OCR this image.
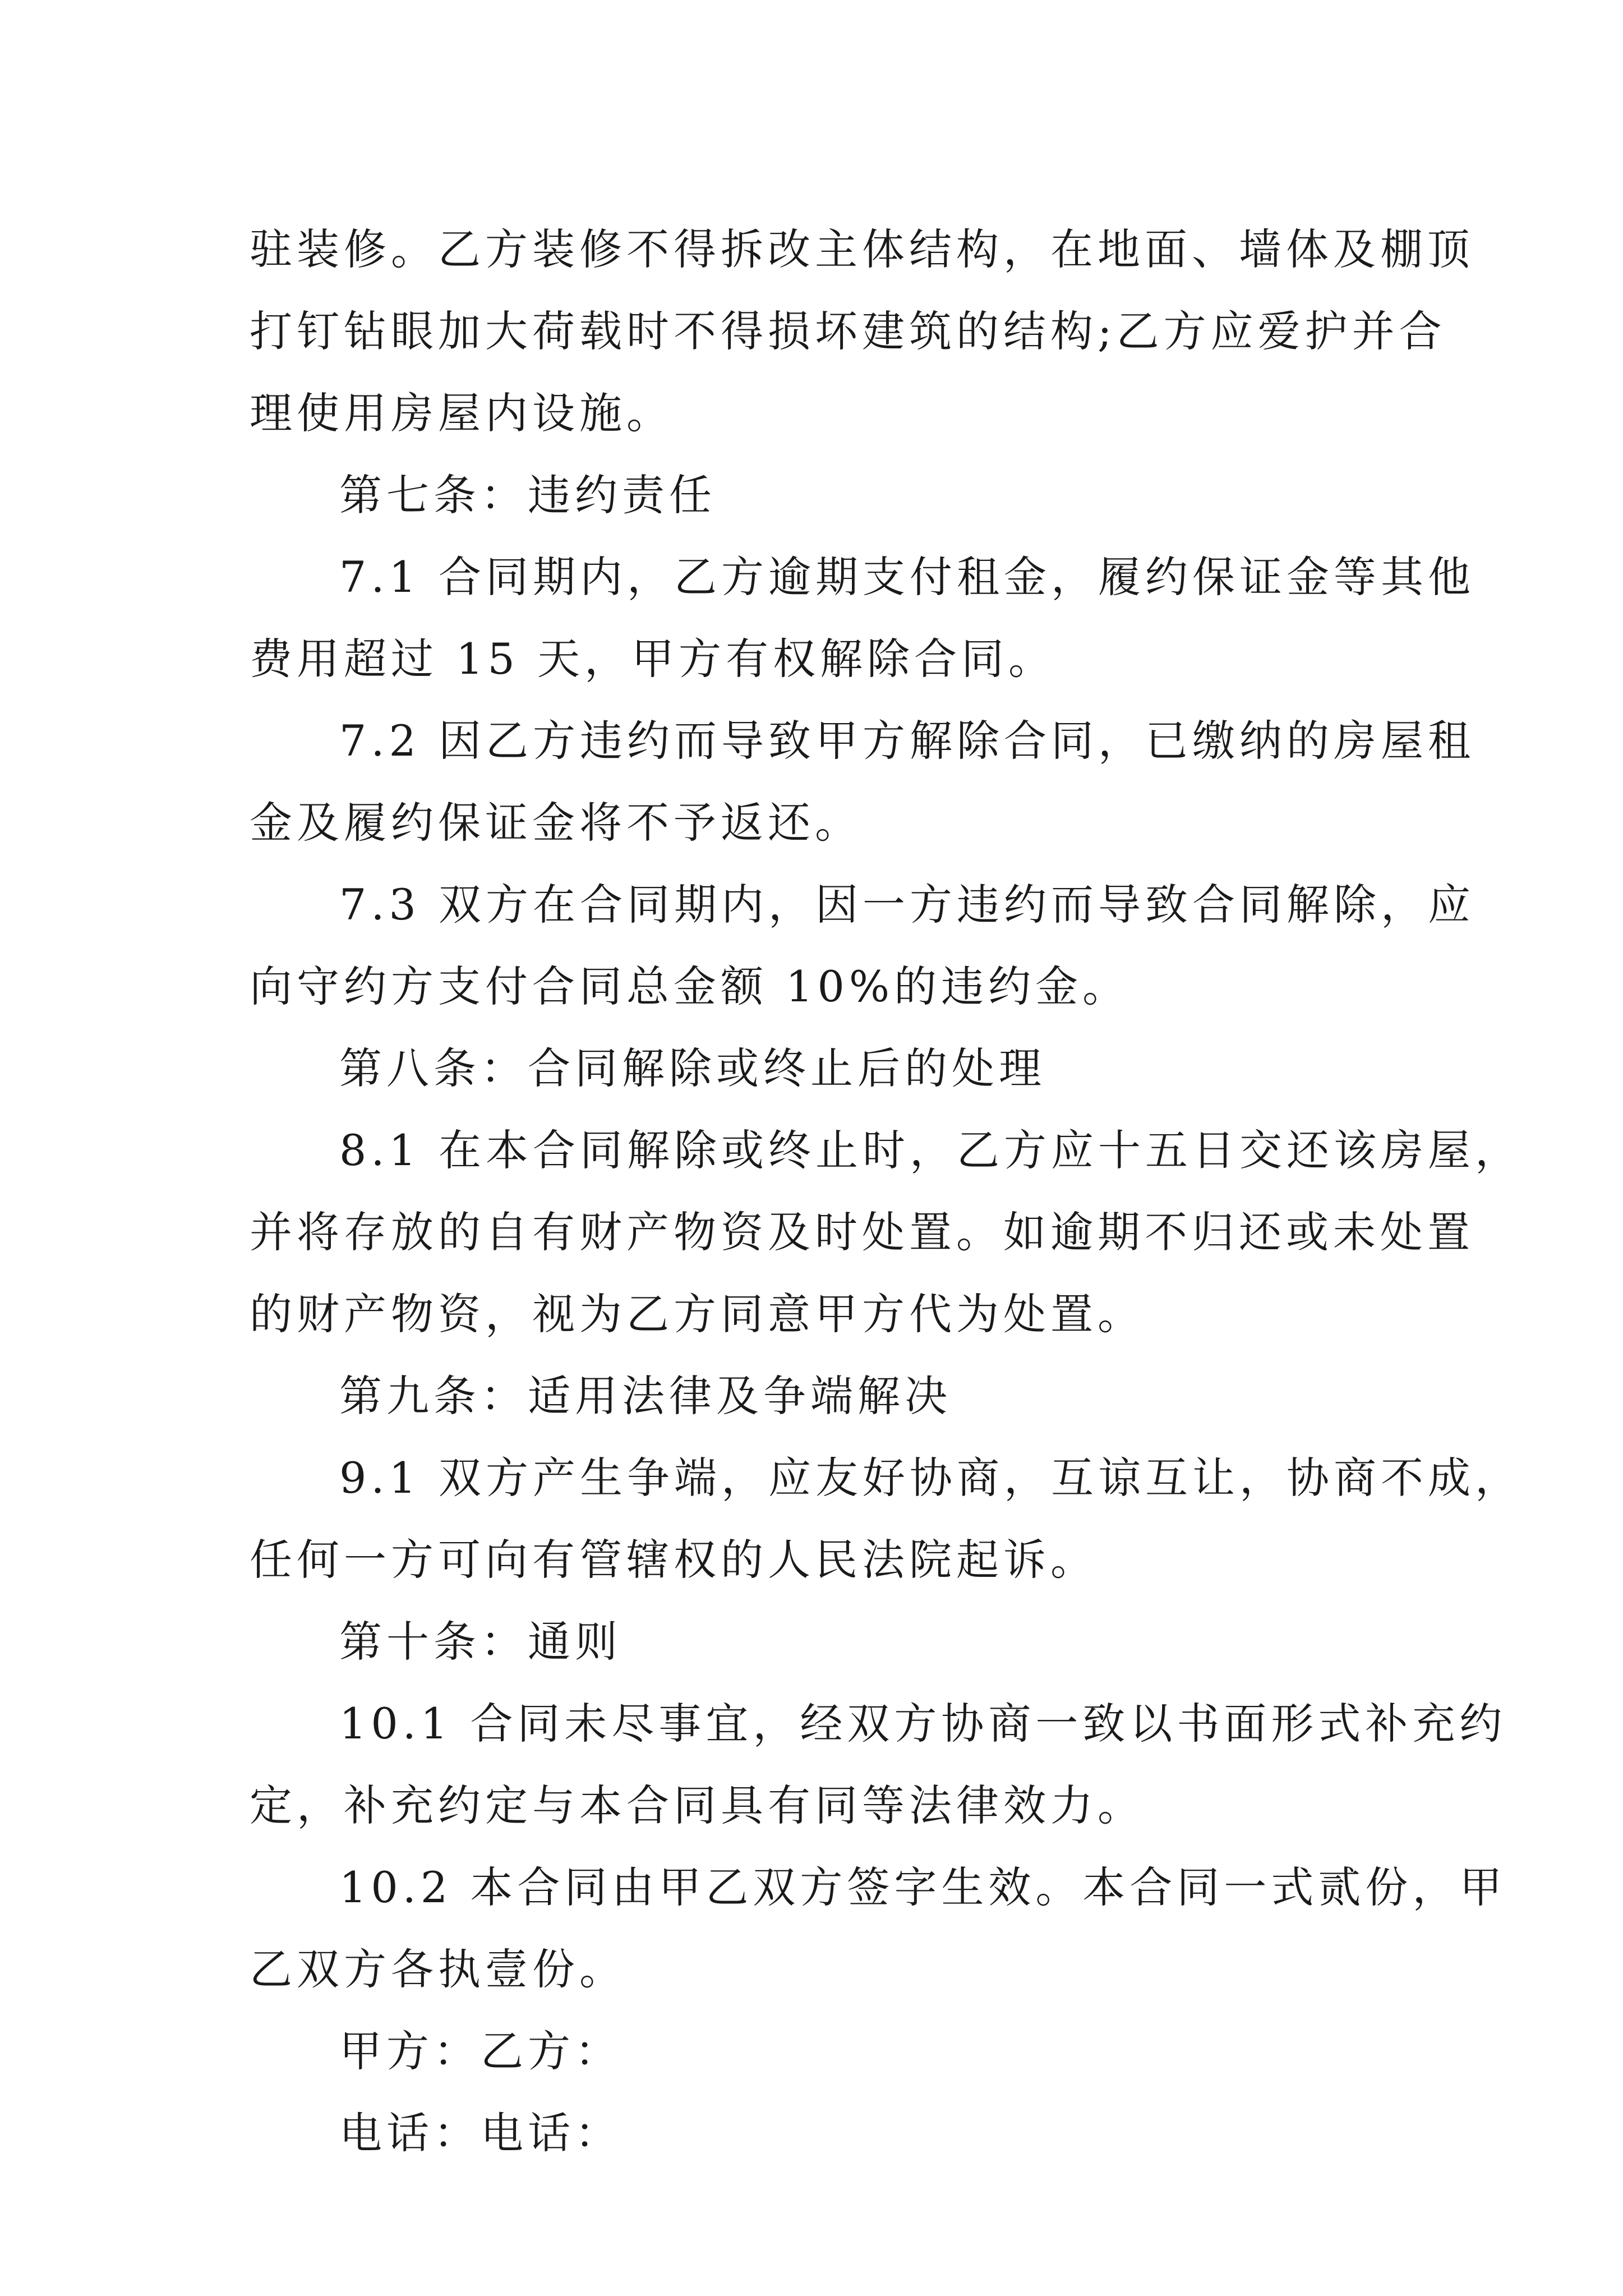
驻装修。乙方装修不得拆改主体结构，在地面、墙体及棚顶

打钉钻眼加大荷载时不得损坏建筑的结构;乙方应爱护并合

理使用房屋内设施。

第七条：违约责任

7.1 合同期内，乙方逾期支付租金，履约保证金等其他

费用超过 15 天，甲方有权解除合同。

7.2 因乙方违约而导致甲方解除合同，已缴纳的房屋租

金及履约保证金将不予返还。

7.3 双方在合同期内，因一方违约而导致合同解除，应

向守约方支付合同总金额 10%的违约金。

第八条：合同解除或终止后的处理

8.1 在本合同解除或终止时，乙方应十五日交还该房屋，

并将存放的自有财产物资及时处置。如逾期不归还或未处置

的财产物资，视为乙方同意甲方代为处置。

第九条：适用法律及争端解决

9.1 双方产生争端，应友好协商，互谅互让，协商不成，

任何一方可向有管辖权的人民法院起诉。

第十条：通则

10.1 合同未尽事宜，经双方协商一致以书面形式补充约

定，补充约定与本合同具有同等法律效力。

10.2 本合同由甲乙双方签字生效。本合同一式贰份，甲

乙双方各执壹份。

甲方：乙方：

电话：电话：
